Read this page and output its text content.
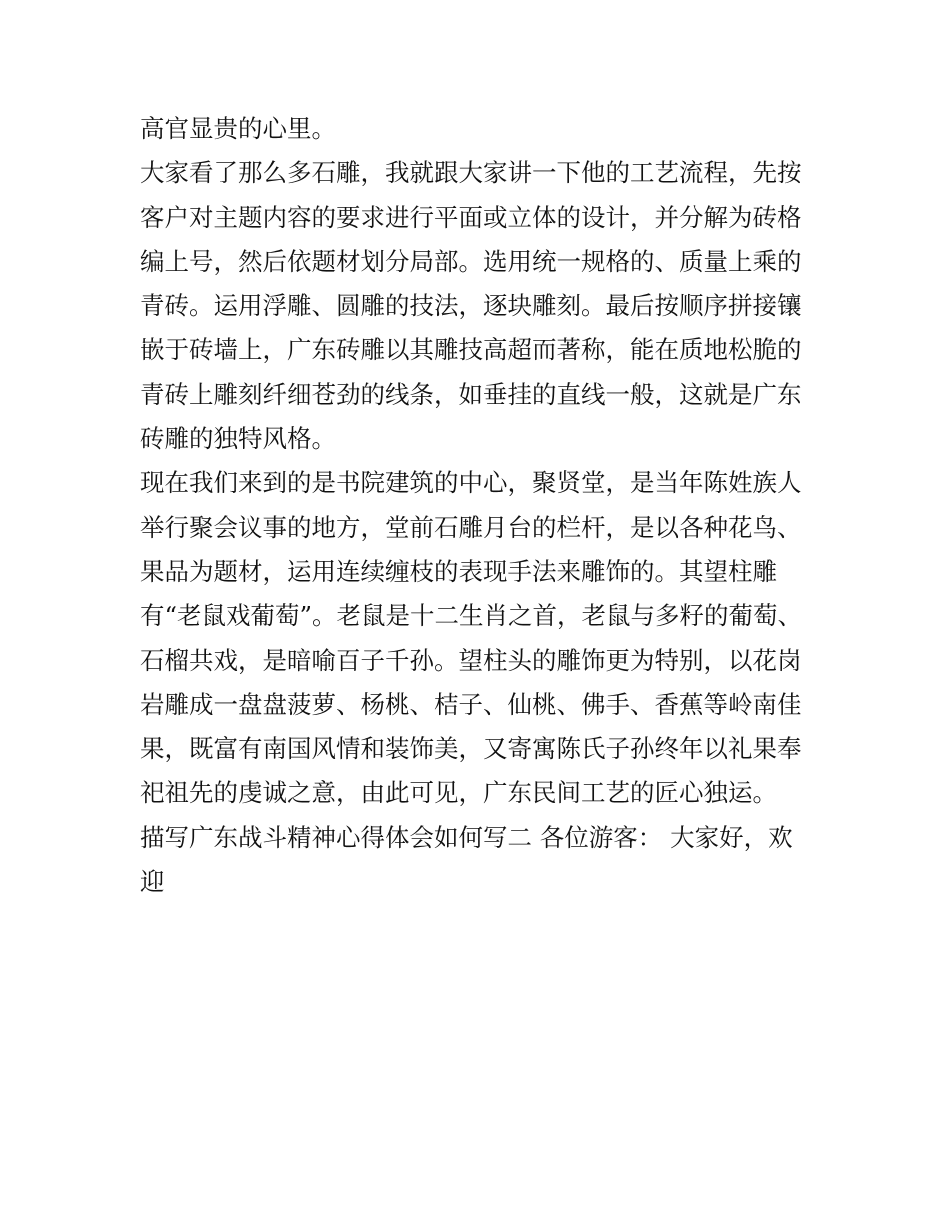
高官显贵的心里。
大家看了那么多石雕，我就跟大家讲一下他的工艺流程，先按
客户对主题内容的要求进行平面或立体的设计，并分解为砖格
编上号，然后依题材划分局部。选用统一规格的、质量上乘的
青砖。运用浮雕、圆雕的技法，逐块雕刻。最后按顺序拼接镶
嵌于砖墙上，广东砖雕以其雕技高超而著称，能在质地松脆的
青砖上雕刻纤细苍劲的线条，如垂挂的直线一般，这就是广东
砖雕的独特风格。
现在我们来到的是书院建筑的中心，聚贤堂，是当年陈姓族人
举行聚会议事的地方，堂前石雕月台的栏杆，是以各种花鸟、
果品为题材，运用连续缠枝的表现手法来雕饰的。其望柱雕
有“老鼠戏葡萄”。老鼠是十二生肖之首，老鼠与多籽的葡萄、
石榴共戏，是暗喻百子千孙。望柱头的雕饰更为特别，以花岗
岩雕成一盘盘菠萝、杨桃、桔子、仙桃、佛手、香蕉等岭南佳
果，既富有南国风情和装饰美，又寄寓陈氏子孙终年以礼果奉
祀祖先的虔诚之意，由此可见，广东民间工艺的匠心独运。
描写广东战斗精神心得体会如何写二 各位游客： 大家好，欢
迎
